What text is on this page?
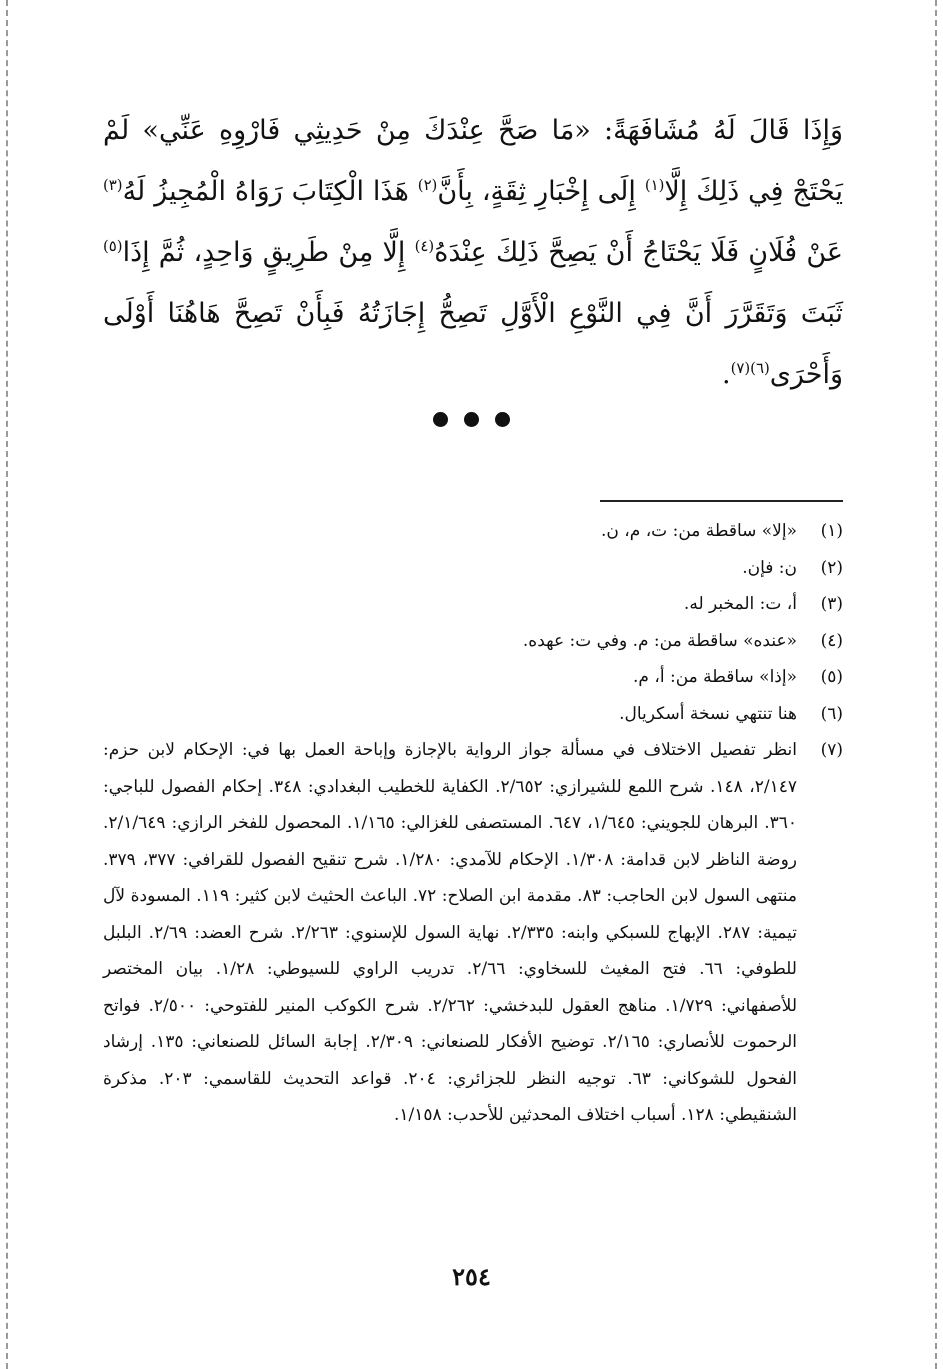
وَإِذَا قَالَ لَهُ مُشَافَهَةً: «مَا صَحَّ عِنْدَكَ مِنْ حَدِيثِي فَارْوِهِ عَنِّي» لَمْ يَحْتَجْ فِي ذَلِكَ إِلَّا$^{(١)}$ إِلَى إِخْبَارِ ثِقَةٍ، بِأَنَّ$^{(٢)}$ هَذَا الْكِتَابَ رَوَاهُ الْمُجِيزُ لَهُ$^{(٣)}$ عَنْ فُلَانٍ فَلَا يَحْتَاجُ أَنْ يَصِحَّ ذَلِكَ عِنْدَهُ$^{(٤)}$ إِلَّا مِنْ طَرِيقٍ وَاحِدٍ، ثُمَّ إِذَا$^{(٥)}$ ثَبَتَ وَتَقَرَّرَ أَنَّ فِي النَّوْعِ الْأَوَّلِ تَصِحُّ إِجَازَتُهُ فَبِأَنْ تَصِحَّ هَاهُنَا أَوْلَى وَأَحْرَى$^{(٦)(٧)}$.

(١)
«إلا» ساقطة من: ت، م، ن.
(٢)
ن: فإن.
(٣)
أ، ت: المخبر له.
(٤)
«عنده» ساقطة من: م. وفي ت: عهده.
(٥)
«إذا» ساقطة من: أ، م.
(٦)
هنا تنتهي نسخة أسكريال.
(٧)
انظر تفصيل الاختلاف في مسألة جواز الرواية بالإجازة وإباحة العمل بها في: الإحكام لابن حزم: ٢/١٤٧، ١٤٨. شرح اللمع للشيرازي: ٢/٦٥٢. الكفاية للخطيب البغدادي: ٣٤٨. إحكام الفصول للباجي: ٣٦٠. البرهان للجويني: ١/٦٤٥، ٦٤٧. المستصفى للغزالي: ١/١٦٥. المحصول للفخر الرازي: ٢/١/٦٤٩. روضة الناظر لابن قدامة: ١/٣٠٨. الإحكام للآمدي: ١/٢٨٠. شرح تنقيح الفصول للقرافي: ٣٧٧، ٣٧٩. منتهى السول لابن الحاجب: ٨٣. مقدمة ابن الصلاح: ٧٢. الباعث الحثيث لابن كثير: ١١٩. المسودة لآل تيمية: ٢٨٧. الإبهاج للسبكي وابنه: ٢/٣٣٥. نهاية السول للإسنوي: ٢/٢٦٣. شرح العضد: ٢/٦٩. البلبل للطوفي: ٦٦. فتح المغيث للسخاوي: ٢/٦٦. تدريب الراوي للسيوطي: ١/٢٨. بيان المختصر للأصفهاني: ١/٧٢٩. مناهج العقول للبدخشي: ٢/٢٦٢. شرح الكوكب المنير للفتوحي: ٢/٥٠٠. فواتح الرحموت للأنصاري: ٢/١٦٥. توضيح الأفكار للصنعاني: ٢/٣٠٩. إجابة السائل للصنعاني: ١٣٥. إرشاد الفحول للشوكاني: ٦٣. توجيه النظر للجزائري: ٢٠٤. قواعد التحديث للقاسمي: ٢٠٣. مذكرة الشنقيطي: ١٢٨. أسباب اختلاف المحدثين للأحدب: ١/١٥٨.
٢٥٤
